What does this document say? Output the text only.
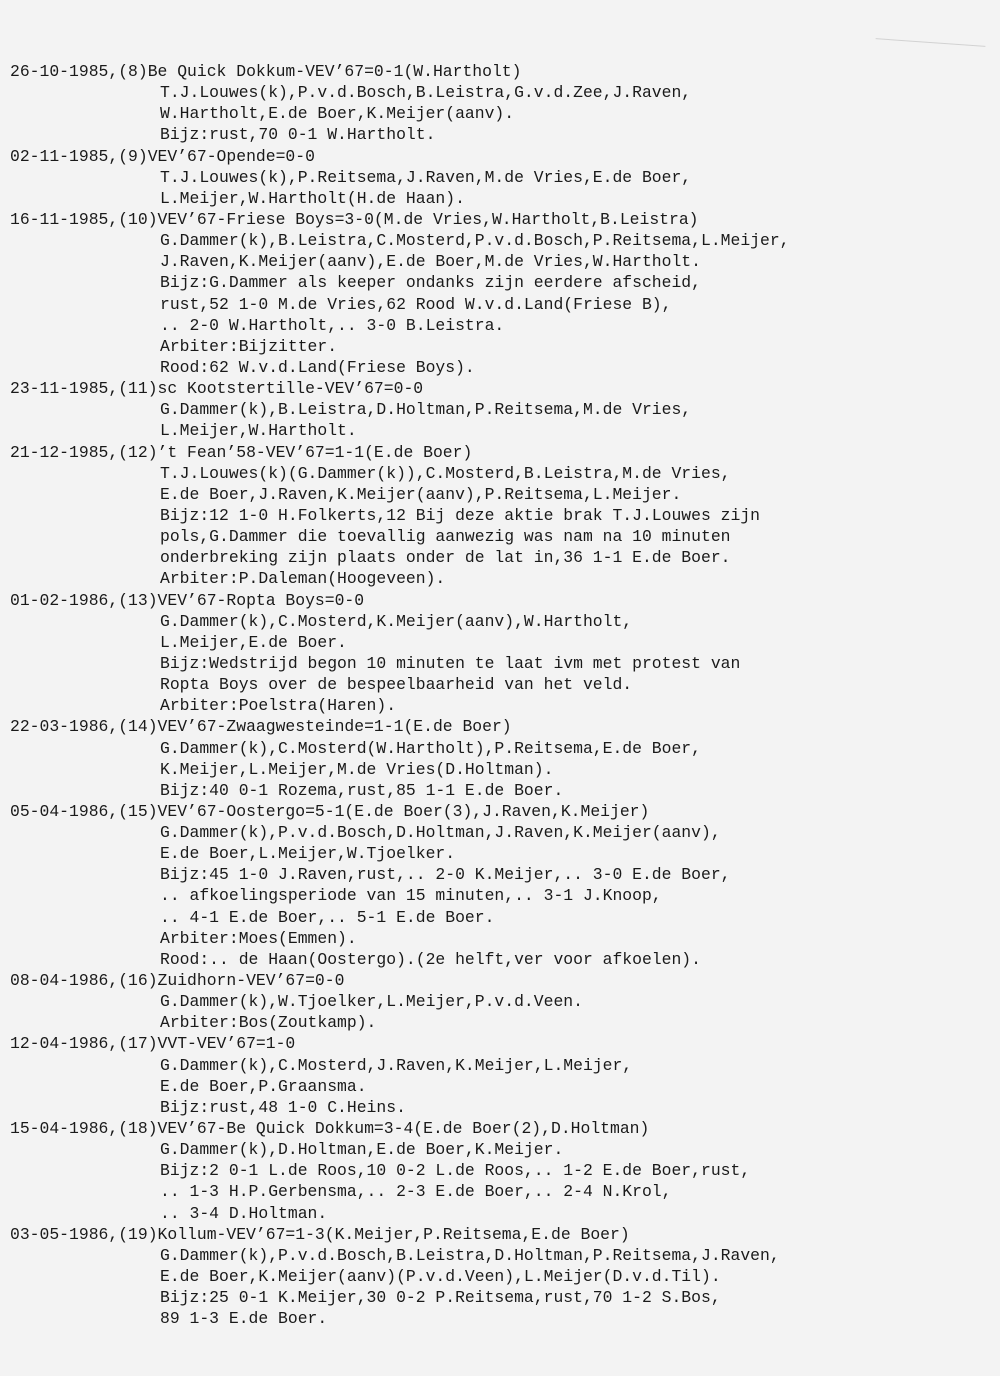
26-10-1985,(8)Be Quick Dokkum-VEV’67=0-1(W.Hartholt)
T.J.Louwes(k),P.v.d.Bosch,B.Leistra,G.v.d.Zee,J.Raven,
W.Hartholt,E.de Boer,K.Meijer(aanv).
Bijz:rust,70 0-1 W.Hartholt.
02-11-1985,(9)VEV’67-Opende=0-0
T.J.Louwes(k),P.Reitsema,J.Raven,M.de Vries,E.de Boer,
L.Meijer,W.Hartholt(H.de Haan).
16-11-1985,(10)VEV’67-Friese Boys=3-0(M.de Vries,W.Hartholt,B.Leistra)
G.Dammer(k),B.Leistra,C.Mosterd,P.v.d.Bosch,P.Reitsema,L.Meijer,
J.Raven,K.Meijer(aanv),E.de Boer,M.de Vries,W.Hartholt.
Bijz:G.Dammer als keeper ondanks zijn eerdere afscheid,
rust,52 1-0 M.de Vries,62 Rood W.v.d.Land(Friese B),
.. 2-0 W.Hartholt,.. 3-0 B.Leistra.
Arbiter:Bijzitter.
Rood:62 W.v.d.Land(Friese Boys).
23-11-1985,(11)sc Kootstertille-VEV’67=0-0
G.Dammer(k),B.Leistra,D.Holtman,P.Reitsema,M.de Vries,
L.Meijer,W.Hartholt.
21-12-1985,(12)’t Fean’58-VEV’67=1-1(E.de Boer)
T.J.Louwes(k)(G.Dammer(k)),C.Mosterd,B.Leistra,M.de Vries,
E.de Boer,J.Raven,K.Meijer(aanv),P.Reitsema,L.Meijer.
Bijz:12 1-0 H.Folkerts,12 Bij deze aktie brak T.J.Louwes zijn
pols,G.Dammer die toevallig aanwezig was nam na 10 minuten
onderbreking zijn plaats onder de lat in,36 1-1 E.de Boer.
Arbiter:P.Daleman(Hoogeveen).
01-02-1986,(13)VEV’67-Ropta Boys=0-0
G.Dammer(k),C.Mosterd,K.Meijer(aanv),W.Hartholt,
L.Meijer,E.de Boer.
Bijz:Wedstrijd begon 10 minuten te laat ivm met protest van
Ropta Boys over de bespeelbaarheid van het veld.
Arbiter:Poelstra(Haren).
22-03-1986,(14)VEV’67-Zwaagwesteinde=1-1(E.de Boer)
G.Dammer(k),C.Mosterd(W.Hartholt),P.Reitsema,E.de Boer,
K.Meijer,L.Meijer,M.de Vries(D.Holtman).
Bijz:40 0-1 Rozema,rust,85 1-1 E.de Boer.
05-04-1986,(15)VEV’67-Oostergo=5-1(E.de Boer(3),J.Raven,K.Meijer)
G.Dammer(k),P.v.d.Bosch,D.Holtman,J.Raven,K.Meijer(aanv),
E.de Boer,L.Meijer,W.Tjoelker.
Bijz:45 1-0 J.Raven,rust,.. 2-0 K.Meijer,.. 3-0 E.de Boer,
.. afkoelingsperiode van 15 minuten,.. 3-1 J.Knoop,
.. 4-1 E.de Boer,.. 5-1 E.de Boer.
Arbiter:Moes(Emmen).
Rood:.. de Haan(Oostergo).(2e helft,ver voor afkoelen).
08-04-1986,(16)Zuidhorn-VEV’67=0-0
G.Dammer(k),W.Tjoelker,L.Meijer,P.v.d.Veen.
Arbiter:Bos(Zoutkamp).
12-04-1986,(17)VVT-VEV’67=1-0
G.Dammer(k),C.Mosterd,J.Raven,K.Meijer,L.Meijer,
E.de Boer,P.Graansma.
Bijz:rust,48 1-0 C.Heins.
15-04-1986,(18)VEV’67-Be Quick Dokkum=3-4(E.de Boer(2),D.Holtman)
G.Dammer(k),D.Holtman,E.de Boer,K.Meijer.
Bijz:2 0-1 L.de Roos,10 0-2 L.de Roos,.. 1-2 E.de Boer,rust,
.. 1-3 H.P.Gerbensma,.. 2-3 E.de Boer,.. 2-4 N.Krol,
.. 3-4 D.Holtman.
03-05-1986,(19)Kollum-VEV’67=1-3(K.Meijer,P.Reitsema,E.de Boer)
G.Dammer(k),P.v.d.Bosch,B.Leistra,D.Holtman,P.Reitsema,J.Raven,
E.de Boer,K.Meijer(aanv)(P.v.d.Veen),L.Meijer(D.v.d.Til).
Bijz:25 0-1 K.Meijer,30 0-2 P.Reitsema,rust,70 1-2 S.Bos,
89 1-3 E.de Boer.
